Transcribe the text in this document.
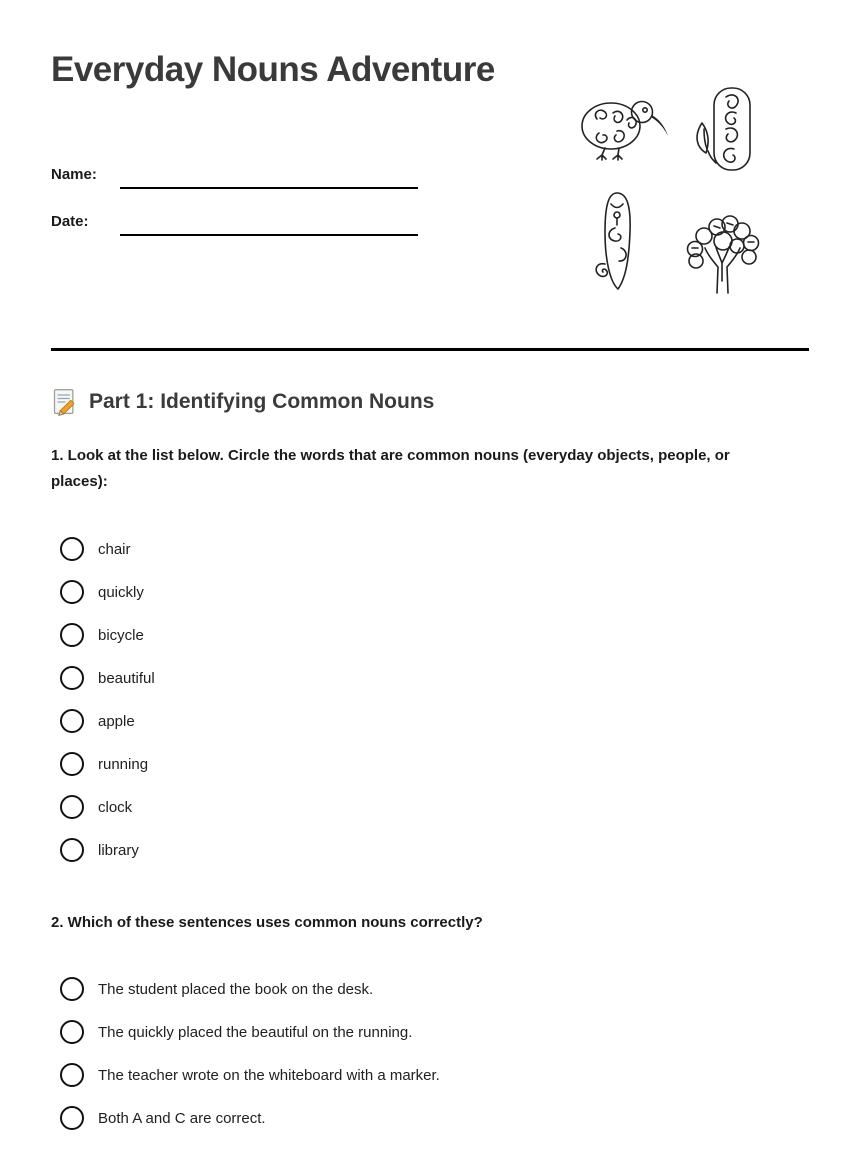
Everyday Nouns Adventure
Name:
Date:
Part 1: Identifying Common Nouns

1. Look at the list below. Circle the words that are common nouns (everyday objects, people, or places):

chair
quickly
bicycle
beautiful
apple
running
clock
library

2. Which of these sentences uses common nouns correctly?

The student placed the book on the desk.
The quickly placed the beautiful on the running.
The teacher wrote on the whiteboard with a marker.
Both A and C are correct.
